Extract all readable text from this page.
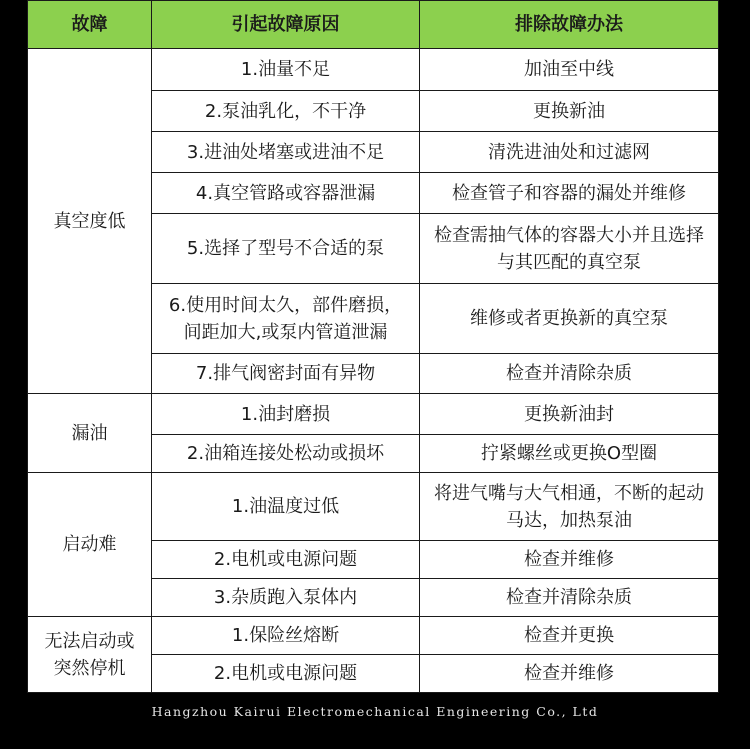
故障	引起故障原因	排除故障办法
真空度低	1.油量不足	加油至中线
	2.泵油乳化，不干净	更换新油
	3.进油处堵塞或进油不足	清洗进油处和过滤网
	4.真空管路或容器泄漏	检查管子和容器的漏处并维修
	5.选择了型号不合适的泵	检查需抽气体的容器大小并且选择与其匹配的真空泵
	6.使用时间太久，部件磨损，间距加大,或泵内管道泄漏	维修或者更换新的真空泵
	7.排气阀密封面有异物	检查并清除杂质
漏油	1.油封磨损	更换新油封
	2.油箱连接处松动或损坏	拧紧螺丝或更换O型圈
启动难	1.油温度过低	将进气嘴与大气相通，不断的起动马达，加热泵油
	2.电机或电源问题	检查并维修
	3.杂质跑入泵体内	检查并清除杂质
无法启动或突然停机	1.保险丝熔断	检查并更换
	2.电机或电源问题	检查并维修
Hangzhou Kairui Electromechanical Engineering Co., Ltd
